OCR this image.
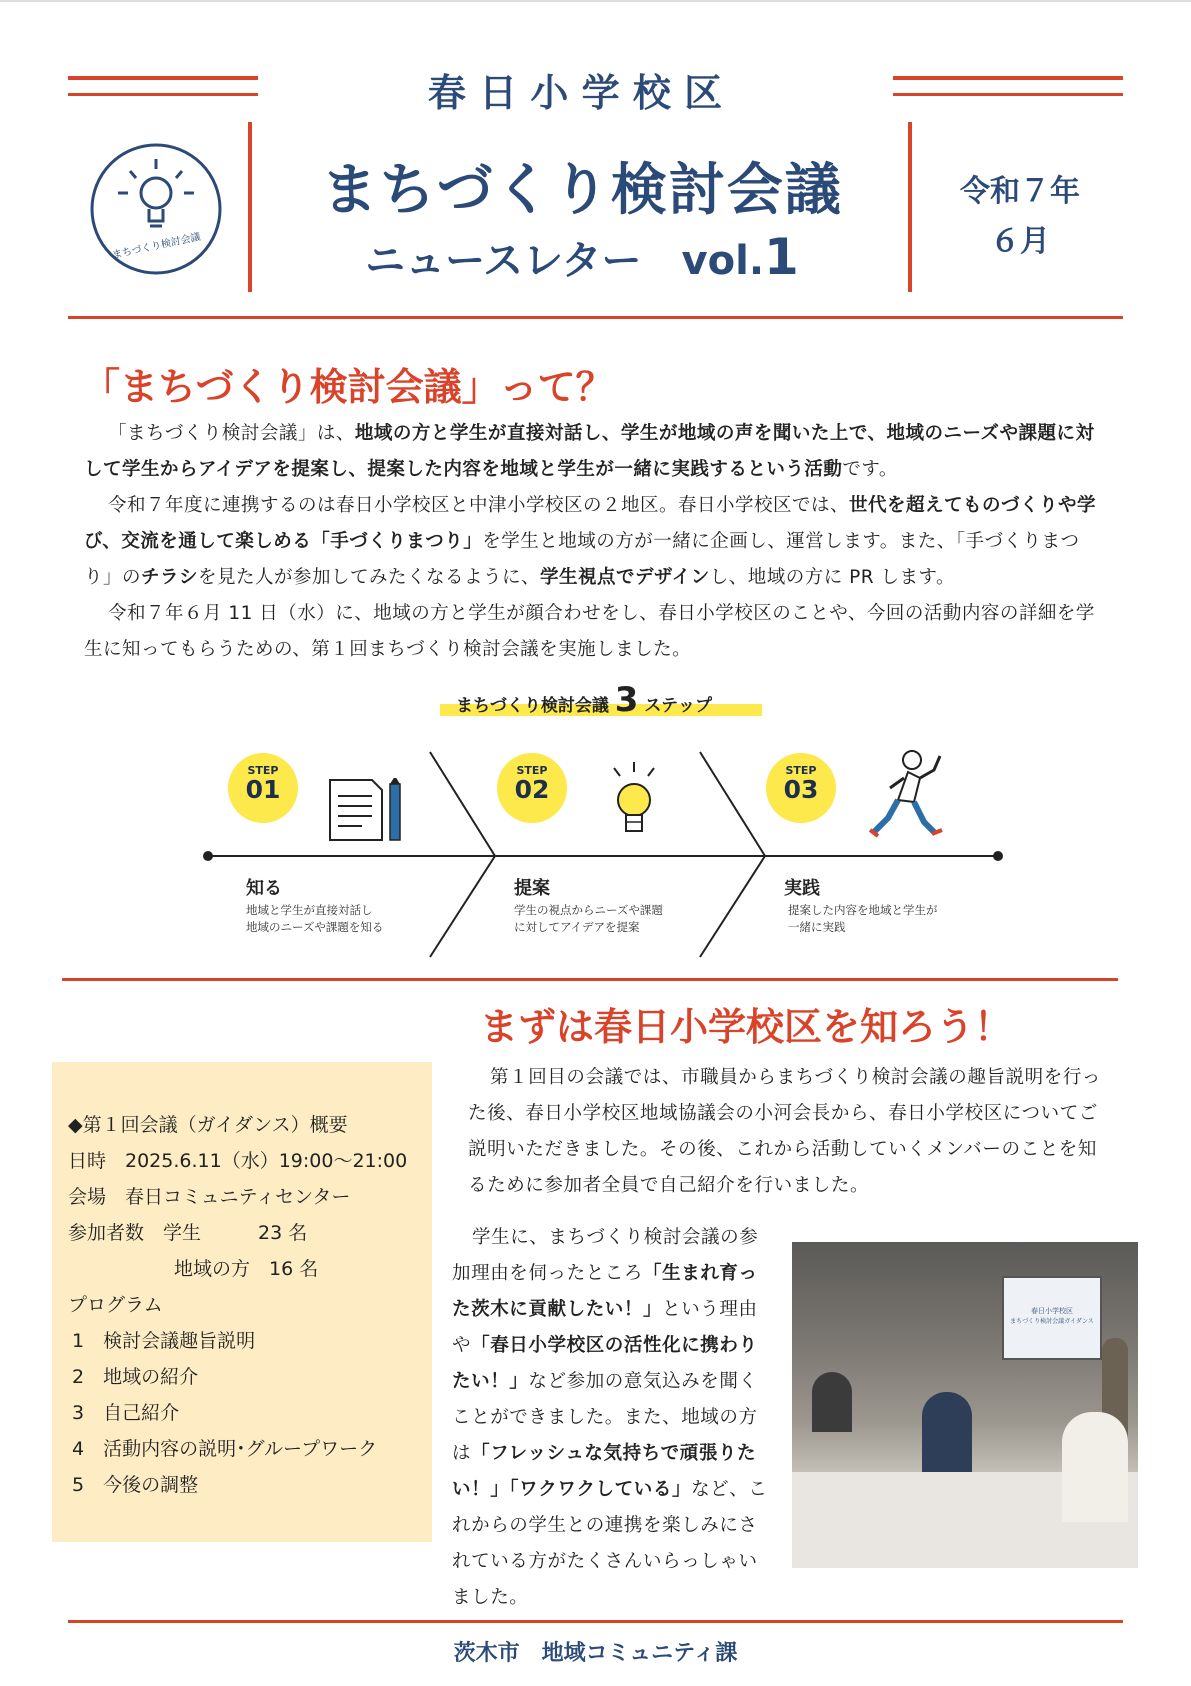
春 日 小 学 校 区
まちづくり検討会議
まちづくり検討会議
ニュースレター　vol.1
令和７年
６月
「まちづくり検討会議」って？
「まちづくり検討会議」は、地域の方と学生が直接対話し、学生が地域の声を聞いた上で、地域のニーズや課題に対して学生からアイデアを提案し、提案した内容を地域と学生が一緒に実践するという活動です。
令和７年度に連携するのは春日小学校区と中津小学校区の２地区。春日小学校区では、世代を超えてものづくりや学び、交流を通して楽しめる「手づくりまつり」を学生と地域の方が一緒に企画し、運営します。また、「手づくりまつり」のチラシを見た人が参加してみたくなるように、学生視点でデザインし、地域の方に PR します。
令和７年６月 11 日（水）に、地域の方と学生が顔合わせをし、春日小学校区のことや、今回の活動内容の詳細を学生に知ってもらうための、第１回まちづくり検討会議を実施しました。
まちづくり検討会議 3 ステップ
STEP
01
知る
地域と学生が直接対話し
地域のニーズや課題を知る
STEP
02
提案
学生の視点からニーズや課題
に対してアイデアを提案
STEP
03
実践
提案した内容を地域と学生が
一緒に実践
まずは春日小学校区を知ろう！
◆第１回会議（ガイダンス）概要
日時　2025.6.11（水）19:00～21:00
会場　春日コミュニティセンター
参加者数　学生　　　23 名
地域の方　16 名
プログラム
1　検討会議趣旨説明
2　地域の紹介
3　自己紹介
4　活動内容の説明･グループワーク
5　今後の調整
第１回目の会議では、市職員からまちづくり検討会議の趣旨説明を行った後、春日小学校区地域協議会の小河会長から、春日小学校区についてご説明いただきました。その後、これから活動していくメンバーのことを知るために参加者全員で自己紹介を行いました。
学生に、まちづくり検討会議の参加理由を伺ったところ「生まれ育った茨木に貢献したい！」という理由や「春日小学校区の活性化に携わりたい！」など参加の意気込みを聞くことができました。また、地域の方は「フレッシュな気持ちで頑張りたい！」「ワクワクしている」など、これからの学生との連携を楽しみにされている方がたくさんいらっしゃいました。
春日小学校区
まちづくり検討会議ガイダンス
茨木市　地域コミュニティ課
